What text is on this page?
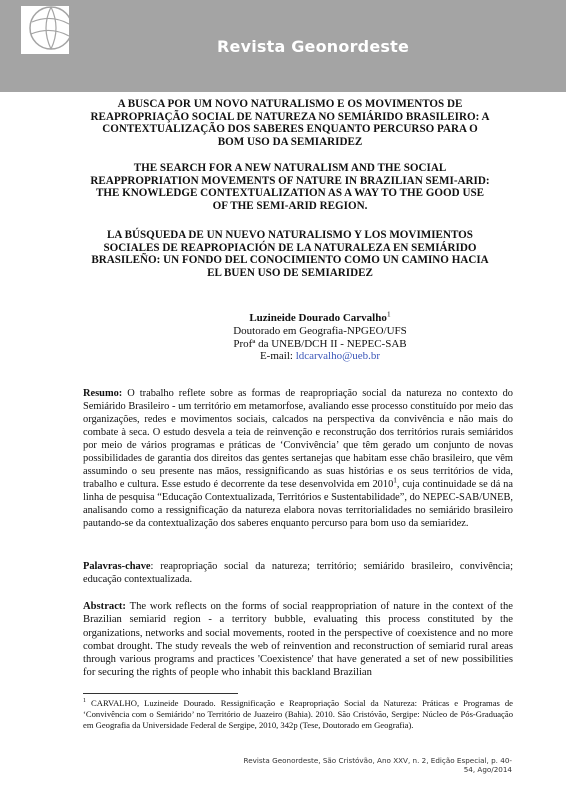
Revista Geonordeste

A BUSCA POR UM NOVO NATURALISMO E OS MOVIMENTOS DE REAPROPRIAÇÃO SOCIAL DE NATUREZA NO SEMIÁRIDO BRASILEIRO: A CONTEXTUALIZAÇÃO DOS SABERES ENQUANTO PERCURSO PARA O BOM USO DA SEMIARIDEZ

THE SEARCH FOR A NEW NATURALISM AND THE SOCIAL REAPPROPRIATION MOVEMENTS OF NATURE IN BRAZILIAN SEMI-ARID: THE KNOWLEDGE CONTEXTUALIZATION AS A WAY TO THE GOOD USE OF THE SEMI-ARID REGION.

LA BÚSQUEDA DE UN NUEVO NATURALISMO Y LOS MOVIMIENTOS SOCIALES DE REAPROPIACIÓN DE LA NATURALEZA EN SEMIÁRIDO BRASILEÑO: UN FONDO DEL CONOCIMIENTO COMO UN CAMINO HACIA EL BUEN USO DE SEMIARIDEZ

Luzineide Dourado Carvalho$^1$
Doutorado em Geografia-NPGEO/UFS
Profª da UNEB/DCH II - NEPEC-SAB
E-mail: ldcarvalho@ueb.br

Resumo: O trabalho reflete sobre as formas de reapropriação social da natureza no contexto do Semiárido Brasileiro - um território em metamorfose, avaliando esse processo constituído por meio das organizações, redes e movimentos sociais, calcados na perspectiva da convivência e não mais do combate à seca. O estudo desvela a teia de reinvenção e reconstrução dos territórios rurais semiáridos por meio de vários programas e práticas de ‘Convivência’ que têm gerado um conjunto de novas possibilidades de garantia dos direitos das gentes sertanejas que habitam esse chão brasileiro, que vêm assumindo o seu presente nas mãos, ressignificando as suas histórias e os seus territórios de vida, trabalho e cultura. Esse estudo é decorrente da tese desenvolvida em 2010$^1$, cuja continuidade se dá na linha de pesquisa “Educação Contextualizada, Territórios e Sustentabilidade”, do NEPEC-SAB/UNEB, analisando como a ressignificação da natureza elabora novas territorialidades no semiárido brasileiro pautando-se da contextualização dos saberes enquanto percurso para bom uso da semiaridez.

Palavras-chave: reapropriação social da natureza; território; semiárido brasileiro, convivência; educação contextualizada.

Abstract: The work reflects on the forms of social reappropriation of nature in the context of the Brazilian semiarid region - a territory bubble, evaluating this process constituted by the organizations, networks and social movements, rooted in the perspective of coexistence and no more combat drought. The study reveals the web of reinvention and reconstruction of semiarid rural areas through various programs and practices 'Coexistence' that have generated a set of new possibilities for securing the rights of people who inhabit this backland Brazilian

$^1$ CARVALHO, Luzineide Dourado. Ressignificação e Reapropriação Social da Natureza: Práticas e Programas de ‘Convivência com o Semiárido’ no Território de Juazeiro (Bahia). 2010. São Cristóvão, Sergipe: Núcleo de Pós-Graduação em Geografia da Universidade Federal de Sergipe, 2010, 342p (Tese, Doutorado em Geografia).

Revista Geonordeste, São Cristóvão, Ano XXV, n. 2, Edição Especial, p. 40-54, Ago/2014
